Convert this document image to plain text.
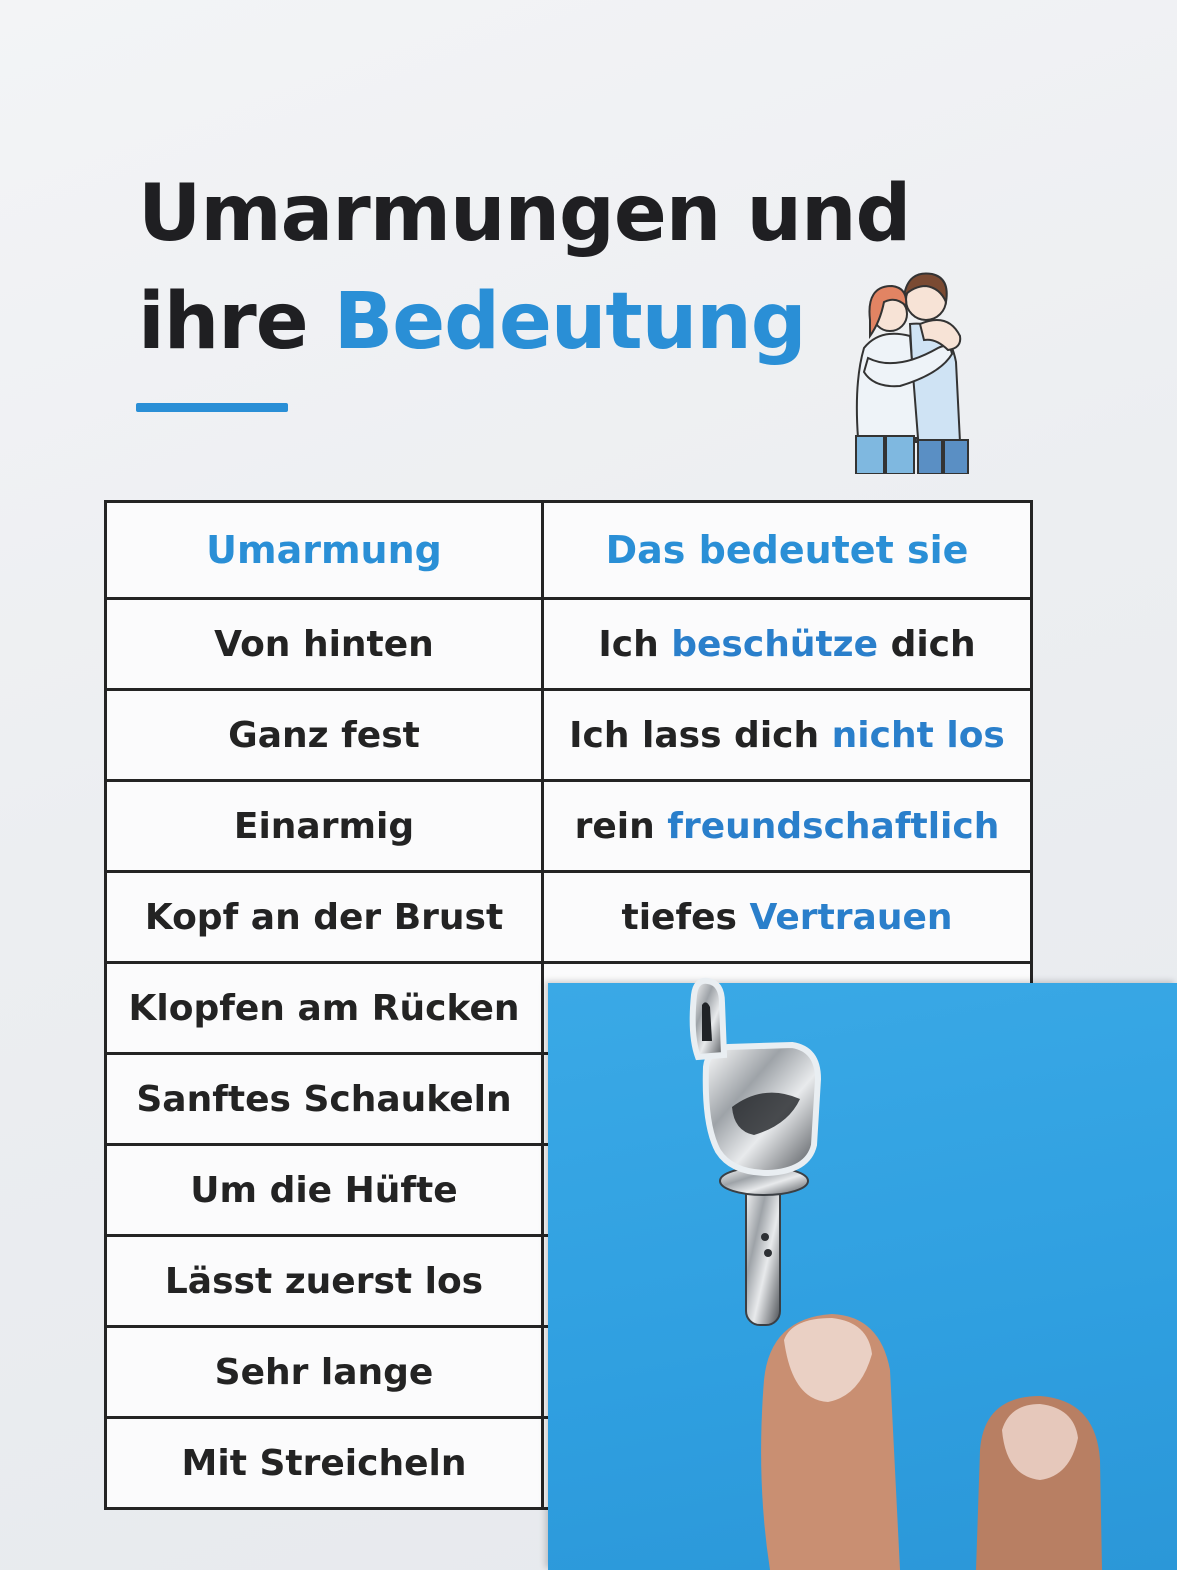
Umarmungen und
ihre Bedeutung
Umarmung	Das bedeutet sie
Von hinten	Ich beschütze dich
Ganz fest	Ich lass dich nicht los
Einarmig	rein freundschaftlich
Kopf an der Brust	tiefes Vertrauen
Klopfen am Rücken	
Sanftes Schaukeln	
Um die Hüfte	
Lässt zuerst los	
Sehr lange	
Mit Streicheln	
